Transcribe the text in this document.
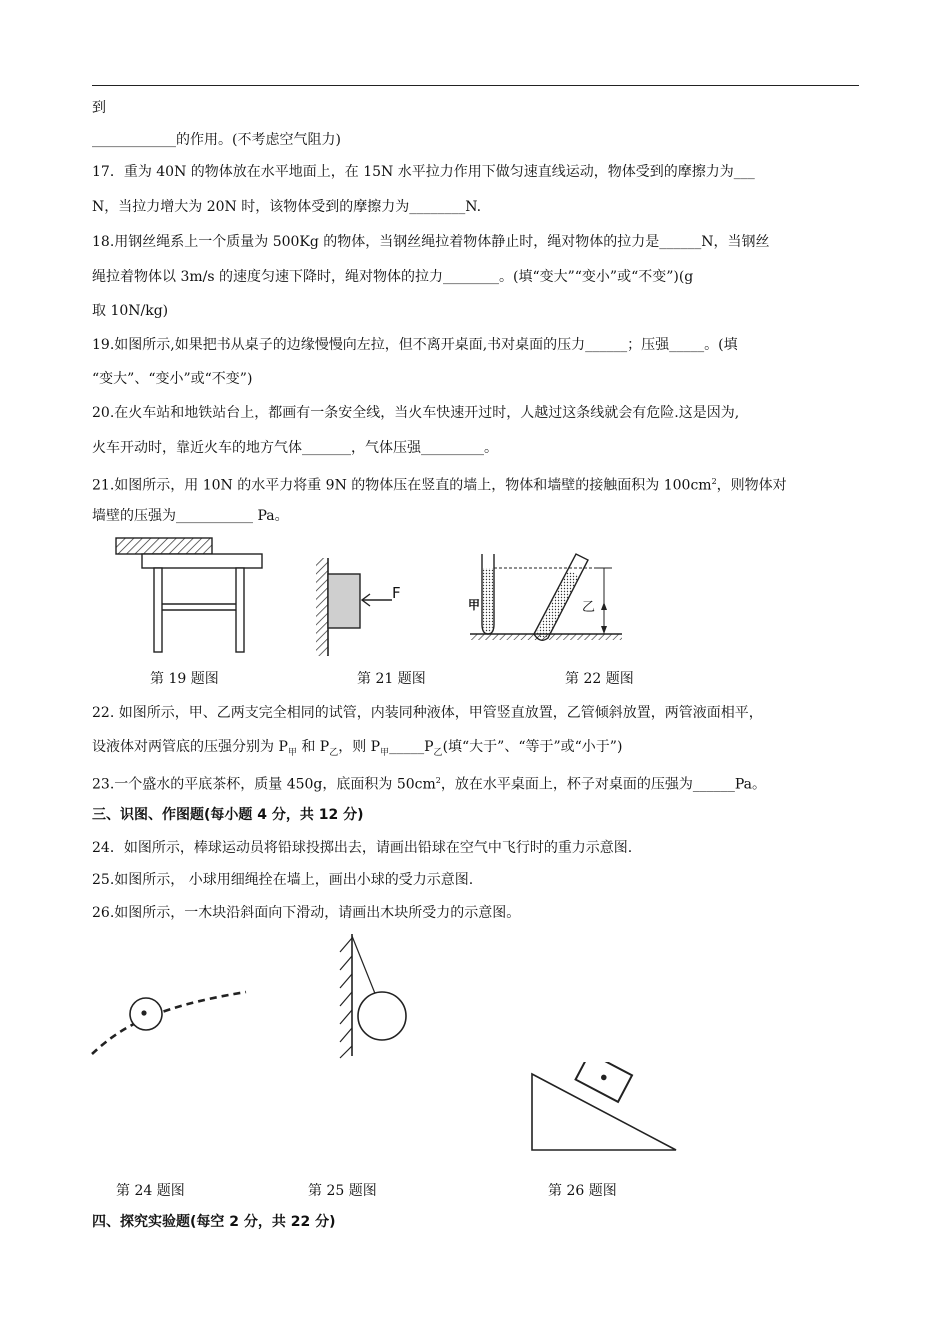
到
____________的作用。(不考虑空气阻力)
17．重为 40N 的物体放在水平地面上，在 15N 水平拉力作用下做匀速直线运动，物体受到的摩擦力为___
N，当拉力增大为 20N 时，该物体受到的摩擦力为________N.
18.用钢丝绳系上一个质量为 500Kg 的物体，当钢丝绳拉着物体静止时，绳对物体的拉力是______N，当钢丝
绳拉着物体以 3m/s 的速度匀速下降时，绳对物体的拉力________。(填“变大”“变小”或“不变”)(g
取 10N/kg)
19.如图所示,如果把书从桌子的边缘慢慢向左拉，但不离开桌面,书对桌面的压力______；压强_____。(填
“变大”、“变小”或“不变”)
20.在火车站和地铁站台上，都画有一条安全线，当火车快速开过时，人越过这条线就会有危险.这是因为,
火车开动时，靠近火车的地方气体_______，气体压强_________。
21.如图所示，用 10N 的水平力将重 9N 的物体压在竖直的墙上，物体和墙壁的接触面积为 $100cm^2$，则物体对
墙壁的压强为___________ Pa。
第 19 题图
F
第 21 题图
甲	乙
第 22 题图
22. 如图所示，甲、乙两支完全相同的试管，内装同种液体，甲管竖直放置，乙管倾斜放置，两管液面相平，
设液体对两管底的压强分别为 $P_甲$ 和 $P_乙$，则 $P_甲\_\_\_\_\_P_乙$(填“大于”、“等于”或“小于”)
23.一个盛水的平底茶杯，质量 450g，底面积为 $50cm^2$，放在水平桌面上，杯子对桌面的压强为______Pa。
三、识图、作图题(每小题 4 分，共 12 分)
24．如图所示，棒球运动员将铅球投掷出去，请画出铅球在空气中飞行时的重力示意图.
25.如图所示， 小球用细绳拴在墙上，画出小球的受力示意图.
26.如图所示，一木块沿斜面向下滑动，请画出木块所受力的示意图。
第 24 题图	第 25 题图	第 26 题图
四、探究实验题(每空 2 分，共 22 分)
